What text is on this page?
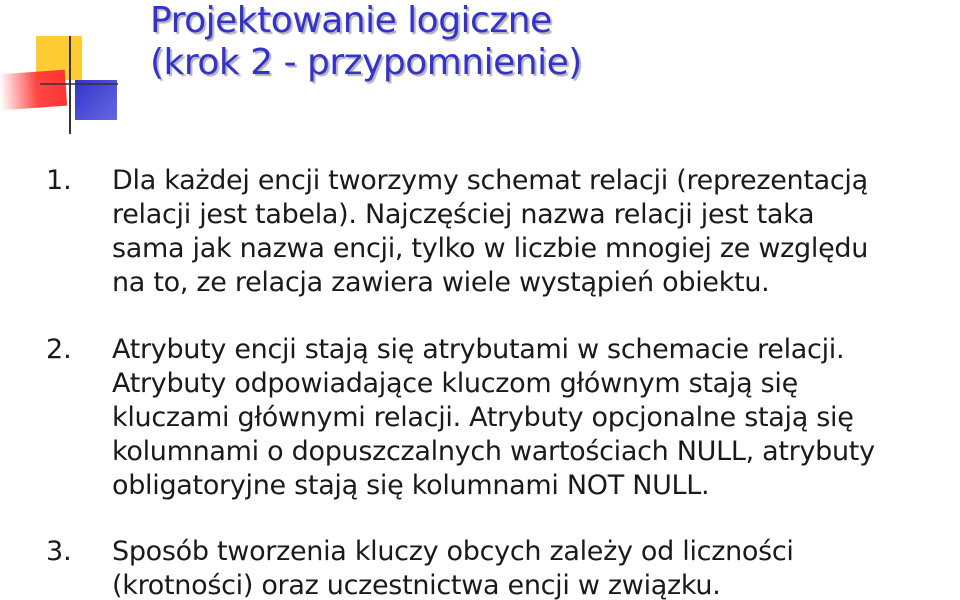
Projektowanie logiczne
(krok 2 - przypomnienie)
1. Dla każdej encji tworzymy schemat relacji (reprezentacją
relacji jest tabela). Najczęściej nazwa relacji jest taka
sama jak nazwa encji, tylko w liczbie mnogiej ze względu
na to, ze relacja zawiera wiele wystąpień obiektu.
2. Atrybuty encji stają się atrybutami w schemacie relacji.
Atrybuty odpowiadające kluczom głównym stają się
kluczami głównymi relacji. Atrybuty opcjonalne stają się
kolumnami o dopuszczalnych wartościach NULL, atrybuty
obligatoryjne stają się kolumnami NOT NULL.
3. Sposób tworzenia kluczy obcych zależy od liczności
(krotności) oraz uczestnictwa encji w związku.
